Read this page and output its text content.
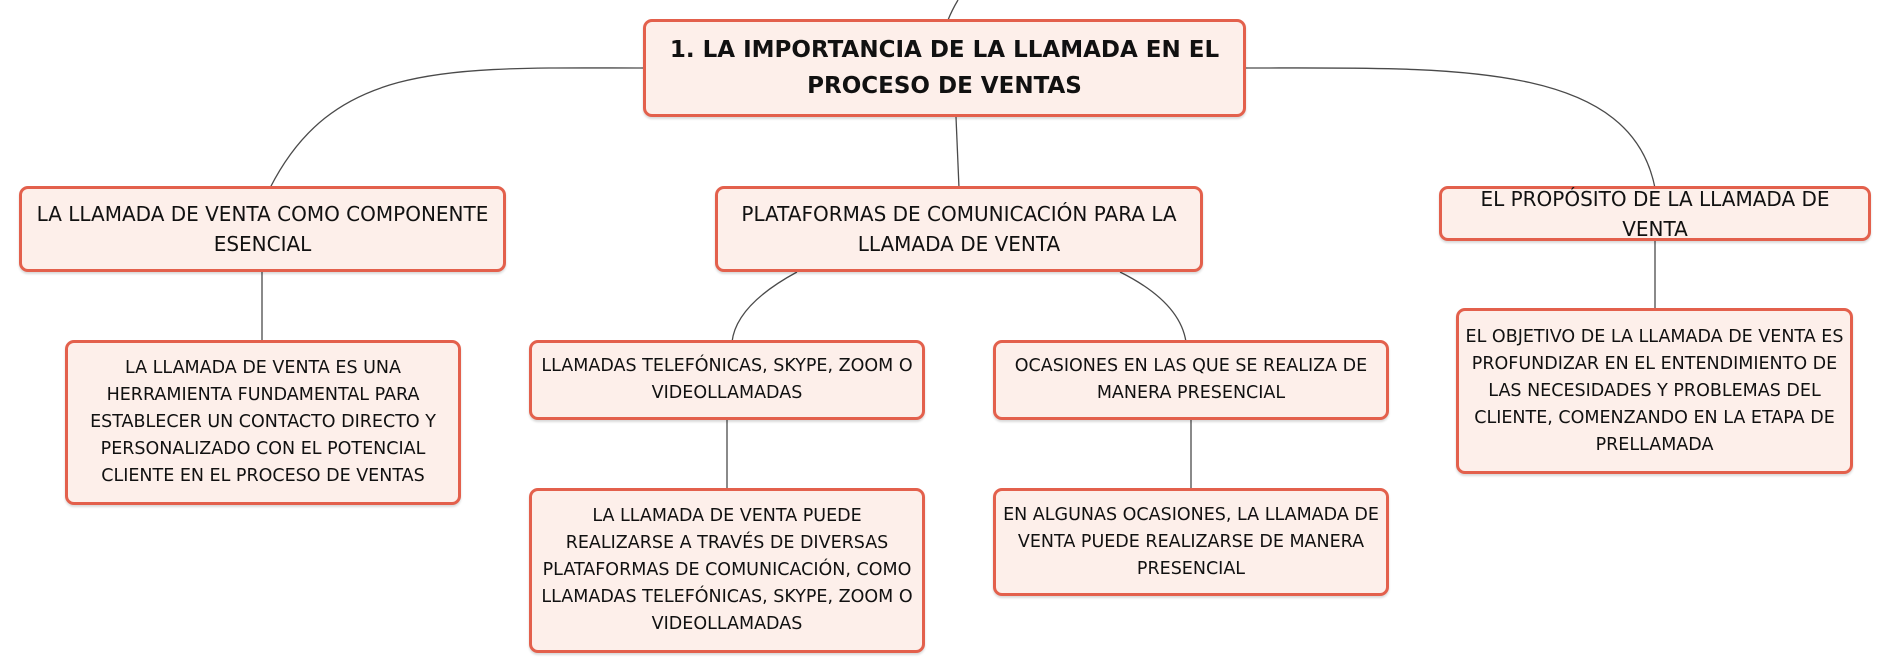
1. LA IMPORTANCIA DE LA LLAMADA EN EL PROCESO DE VENTAS
LA LLAMADA DE VENTA COMO COMPONENTE ESENCIAL
PLATAFORMAS DE COMUNICACIÓN PARA LA LLAMADA DE VENTA
EL PROPÓSITO DE LA LLAMADA DE VENTA
LA LLAMADA DE VENTA ES UNA HERRAMIENTA FUNDAMENTAL PARA ESTABLECER UN CONTACTO DIRECTO Y PERSONALIZADO CON EL POTENCIAL CLIENTE EN EL PROCESO DE VENTAS
LLAMADAS TELEFÓNICAS, SKYPE, ZOOM O VIDEOLLAMADAS
OCASIONES EN LAS QUE SE REALIZA DE MANERA PRESENCIAL
LA LLAMADA DE VENTA PUEDE REALIZARSE A TRAVÉS DE DIVERSAS PLATAFORMAS DE COMUNICACIÓN, COMO LLAMADAS TELEFÓNICAS, SKYPE, ZOOM O VIDEOLLAMADAS
EN ALGUNAS OCASIONES, LA LLAMADA DE VENTA PUEDE REALIZARSE DE MANERA PRESENCIAL
EL OBJETIVO DE LA LLAMADA DE VENTA ES PROFUNDIZAR EN EL ENTENDIMIENTO DE LAS NECESIDADES Y PROBLEMAS DEL CLIENTE, COMENZANDO EN LA ETAPA DE PRELLAMADA
